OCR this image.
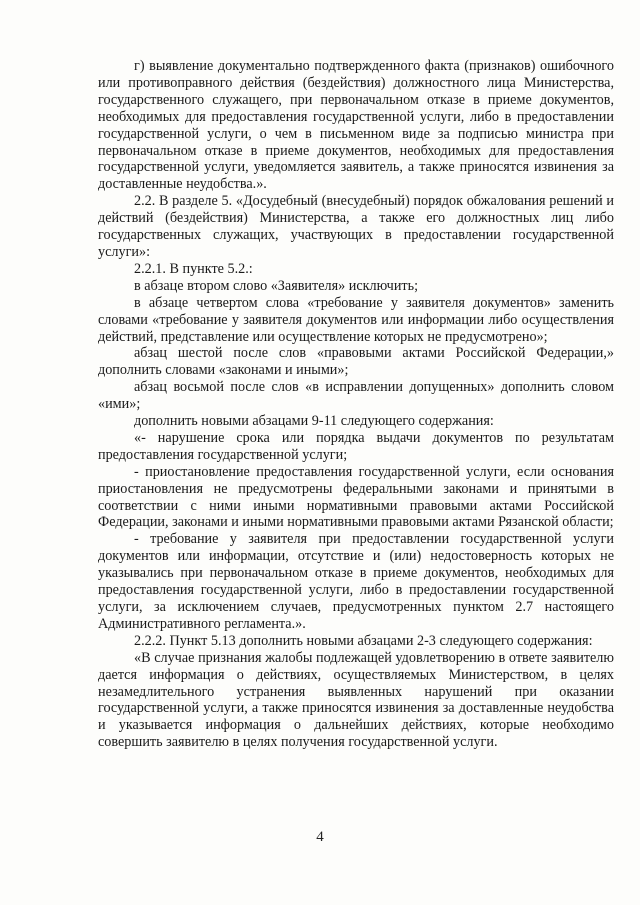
г) выявление документально подтвержденного факта (признаков) ошибочного или противоправного действия (бездействия) должностного лица Министерства, государственного служащего, при первоначальном отказе в приеме документов, необходимых для предоставления государственной услуги, либо в предоставлении государственной услуги, о чем в письменном виде за подписью министра при первоначальном отказе в приеме документов, необходимых для предоставления государственной услуги, уведомляется заявитель, а также приносятся извинения за доставленные неудобства.».

2.2. В разделе 5. «Досудебный (внесудебный) порядок обжалования решений и действий (бездействия) Министерства, а также его должностных лиц либо государственных служащих, участвующих в предоставлении государственной услуги»:

2.2.1. В пункте 5.2.:

в абзаце втором слово «Заявителя» исключить;

в абзаце четвертом слова «требование у заявителя документов» заменить словами «требование у заявителя документов или информации либо осуществления действий, представление или осуществление которых не предусмотрено»;

абзац шестой после слов «правовыми актами Российской Федерации,» дополнить словами «законами и иными»;

абзац восьмой после слов «в исправлении допущенных» дополнить словом «ими»;

дополнить новыми абзацами 9-11 следующего содержания:

«- нарушение срока или порядка выдачи документов по результатам предоставления государственной услуги;

- приостановление предоставления государственной услуги, если основания приостановления не предусмотрены федеральными законами и принятыми в соответствии с ними иными нормативными правовыми актами Российской Федерации, законами и иными нормативными правовыми актами Рязанской области;

- требование у заявителя при предоставлении государственной услуги документов или информации, отсутствие и (или) недостоверность которых не указывались при первоначальном отказе в приеме документов, необходимых для предоставления государственной услуги, либо в предоставлении государственной услуги, за исключением случаев, предусмотренных пунктом 2.7 настоящего Административного регламента.».

2.2.2. Пункт 5.13 дополнить новыми абзацами 2-3 следующего содержания:

«В случае признания жалобы подлежащей удовлетворению в ответе заявителю дается информация о действиях, осуществляемых Министерством, в целях незамедлительного устранения выявленных нарушений при оказании государственной услуги, а также приносятся извинения за доставленные неудобства и указывается информация о дальнейших действиях, которые необходимо совершить заявителю в целях получения государственной услуги.

4
